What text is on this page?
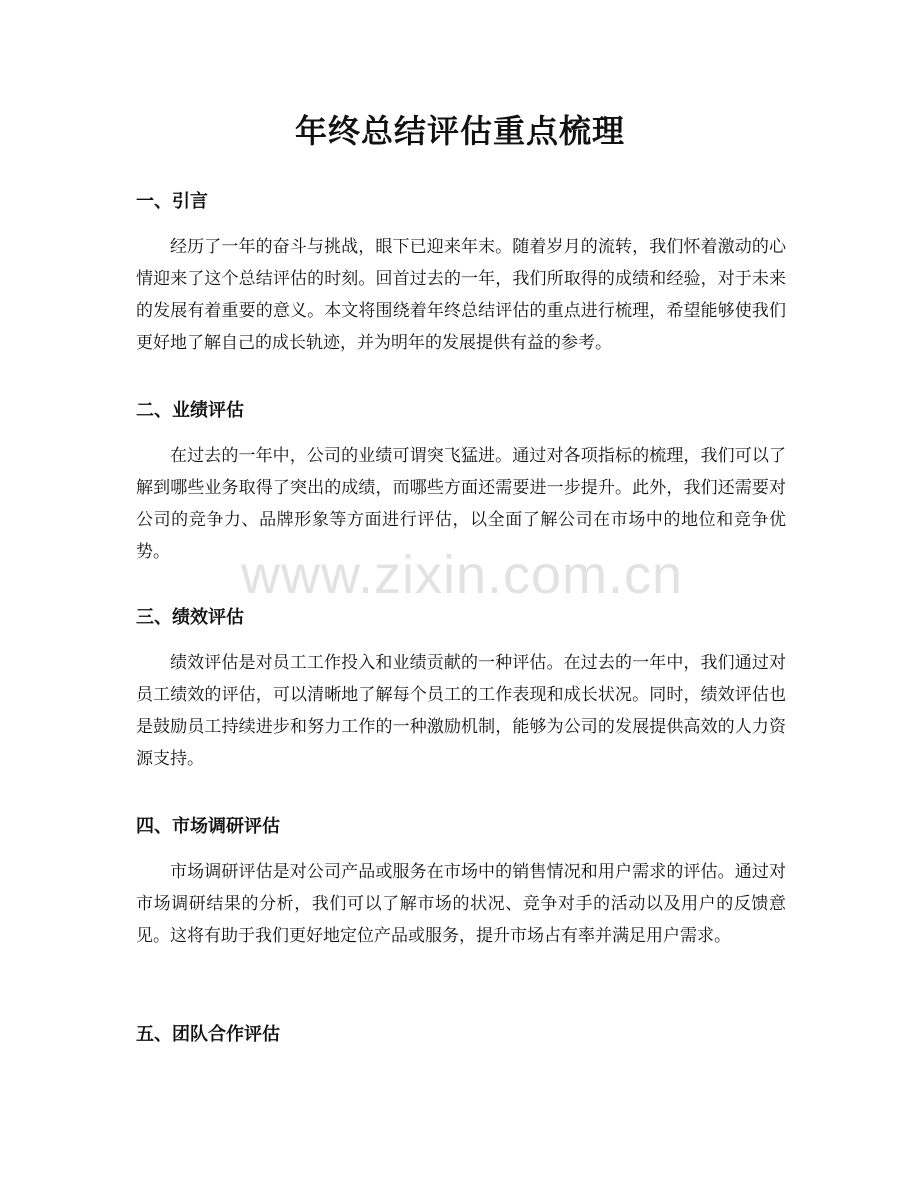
年终总结评估重点梳理
一、引言

经历了一年的奋斗与挑战，眼下已迎来年末。随着岁月的流转，我们怀着激动的心情迎来了这个总结评估的时刻。回首过去的一年，我们所取得的成绩和经验，对于未来的发展有着重要的意义。本文将围绕着年终总结评估的重点进行梳理，希望能够使我们更好地了解自己的成长轨迹，并为明年的发展提供有益的参考。

二、业绩评估

在过去的一年中，公司的业绩可谓突飞猛进。通过对各项指标的梳理，我们可以了解到哪些业务取得了突出的成绩，而哪些方面还需要进一步提升。此外，我们还需要对公司的竞争力、品牌形象等方面进行评估，以全面了解公司在市场中的地位和竞争优势。

三、绩效评估

绩效评估是对员工工作投入和业绩贡献的一种评估。在过去的一年中，我们通过对员工绩效的评估，可以清晰地了解每个员工的工作表现和成长状况。同时，绩效评估也是鼓励员工持续进步和努力工作的一种激励机制，能够为公司的发展提供高效的人力资源支持。

四、市场调研评估

市场调研评估是对公司产品或服务在市场中的销售情况和用户需求的评估。通过对市场调研结果的分析，我们可以了解市场的状况、竞争对手的活动以及用户的反馈意见。这将有助于我们更好地定位产品或服务，提升市场占有率并满足用户需求。

五、团队合作评估
www.zixin.com.cn
